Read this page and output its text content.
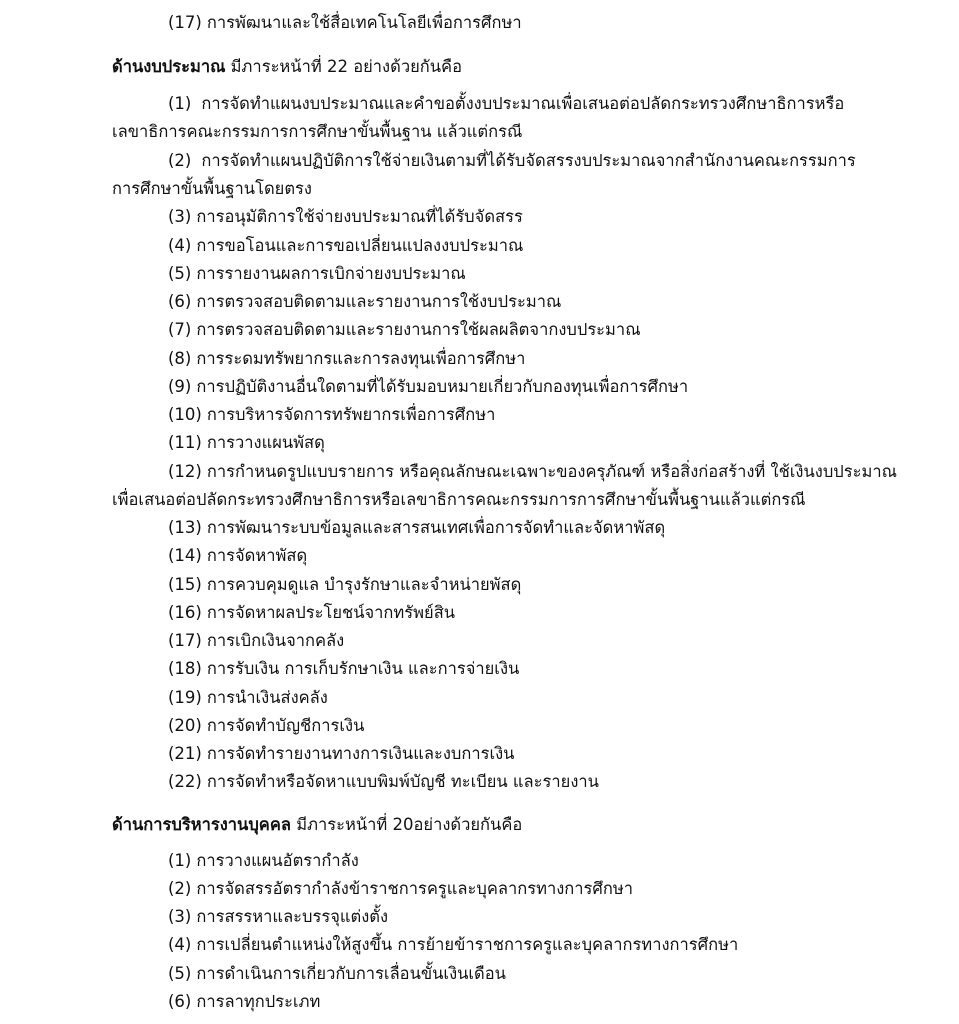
(17) การพัฒนาและใช้สื่อเทคโนโลยีเพื่อการศึกษา
ด้านงบประมาณ มีภาระหน้าที่ 22 อย่างด้วยกันคือ
(1) การจัดทำแผนงบประมาณและคำขอตั้งงบประมาณเพื่อเสนอต่อปลัดกระทรวงศึกษาธิการหรือ
เลขาธิการคณะกรรมการการศึกษาขั้นพื้นฐาน แล้วแต่กรณี
(2) การจัดทำแผนปฏิบัติการใช้จ่ายเงินตามที่ได้รับจัดสรรงบประมาณจากสำนักงานคณะกรรมการ
การศึกษาขั้นพื้นฐานโดยตรง
(3) การอนุมัติการใช้จ่ายงบประมาณที่ได้รับจัดสรร
(4) การขอโอนและการขอเปลี่ยนแปลงงบประมาณ
(5) การรายงานผลการเบิกจ่ายงบประมาณ
(6) การตรวจสอบติดตามและรายงานการใช้งบประมาณ
(7) การตรวจสอบติดตามและรายงานการใช้ผลผลิตจากงบประมาณ
(8) การระดมทรัพยากรและการลงทุนเพื่อการศึกษา
(9) การปฏิบัติงานอื่นใดตามที่ได้รับมอบหมายเกี่ยวกับกองทุนเพื่อการศึกษา
(10) การบริหารจัดการทรัพยากรเพื่อการศึกษา
(11) การวางแผนพัสดุ
(12) การกำหนดรูปแบบรายการ หรือคุณลักษณะเฉพาะของครุภัณฑ์ หรือสิ่งก่อสร้างที่ ใช้เงินงบประมาณ
เพื่อเสนอต่อปลัดกระทรวงศึกษาธิการหรือเลขาธิการคณะกรรมการการศึกษาขั้นพื้นฐานแล้วแต่กรณี
(13) การพัฒนาระบบข้อมูลและสารสนเทศเพื่อการจัดทำและจัดหาพัสดุ
(14) การจัดหาพัสดุ
(15) การควบคุมดูแล บำรุงรักษาและจำหน่ายพัสดุ
(16) การจัดหาผลประโยชน์จากทรัพย์สิน
(17) การเบิกเงินจากคลัง
(18) การรับเงิน การเก็บรักษาเงิน และการจ่ายเงิน
(19) การนำเงินส่งคลัง
(20) การจัดทำบัญชีการเงิน
(21) การจัดทำรายงานทางการเงินและงบการเงิน
(22) การจัดทำหรือจัดหาแบบพิมพ์บัญชี ทะเบียน และรายงาน
ด้านการบริหารงานบุคคล มีภาระหน้าที่ 20อย่างด้วยกันคือ
(1) การวางแผนอัตรากำลัง
(2) การจัดสรรอัตรากำลังข้าราชการครูและบุคลากรทางการศึกษา
(3) การสรรหาและบรรจุแต่งตั้ง
(4) การเปลี่ยนตำแหน่งให้สูงขึ้น การย้ายข้าราชการครูและบุคลากรทางการศึกษา
(5) การดำเนินการเกี่ยวกับการเลื่อนขั้นเงินเดือน
(6) การลาทุกประเภท
